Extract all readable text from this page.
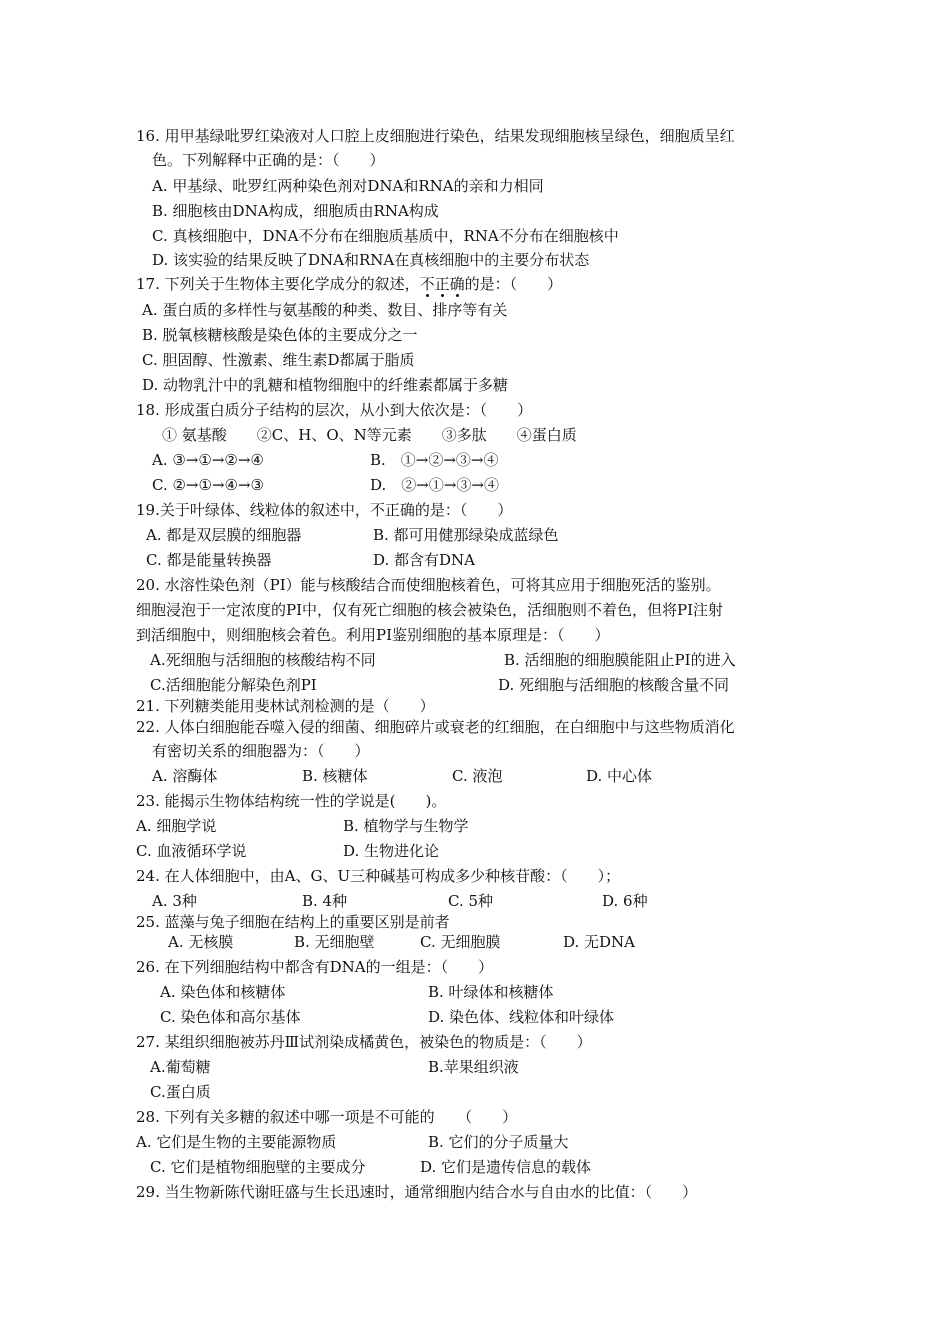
16. 用甲基绿吡罗红染液对人口腔上皮细胞进行染色，结果发现细胞核呈绿色，细胞质呈红
色。下列解释中正确的是：（　　）
A. 甲基绿、吡罗红两种染色剂对DNA和RNA的亲和力相同
B. 细胞核由DNA构成，细胞质由RNA构成
C. 真核细胞中，DNA不分布在细胞质基质中，RNA不分布在细胞核中
D. 该实验的结果反映了DNA和RNA在真核细胞中的主要分布状态
17. 下列关于生物体主要化学成分的叙述，不正确的是：（　　）
A. 蛋白质的多样性与氨基酸的种类、数目、排序等有关
B. 脱氧核糖核酸是染色体的主要成分之一
C. 胆固醇、性激素、维生素D都属于脂质
D. 动物乳汁中的乳糖和植物细胞中的纤维素都属于多糖
18. 形成蛋白质分子结构的层次，从小到大依次是：（　　）
① 氨基酸　　②C、H、O、N等元素　　③多肽　　④蛋白质
A. ③→①→②→④	B.　①→②→③→④
C. ②→①→④→③	D.　②→①→③→④
19.关于叶绿体、线粒体的叙述中，不正确的是：（　　）
A. 都是双层膜的细胞器	B. 都可用健那绿染成蓝绿色
C. 都是能量转换器	D. 都含有DNA
20. 水溶性染色剂（PI）能与核酸结合而使细胞核着色，可将其应用于细胞死活的鉴别。
细胞浸泡于一定浓度的PI中，仅有死亡细胞的核会被染色，活细胞则不着色，但将PI注射
到活细胞中，则细胞核会着色。利用PI鉴别细胞的基本原理是：（　　）
A.死细胞与活细胞的核酸结构不同	B. 活细胞的细胞膜能阻止PI的进入
C.活细胞能分解染色剂PI	D. 死细胞与活细胞的核酸含量不同
21. 下列糖类能用斐林试剂检测的是（　　）
22. 人体白细胞能吞噬入侵的细菌、细胞碎片或衰老的红细胞，在白细胞中与这些物质消化
有密切关系的细胞器为：（　　）
A. 溶酶体	B. 核糖体	C. 液泡	D. 中心体
23. 能揭示生物体结构统一性的学说是(　　)。
A. 细胞学说	B. 植物学与生物学
C. 血液循环学说	D. 生物进化论
24. 在人体细胞中，由A、G、U三种碱基可构成多少种核苷酸：（　　）；
A. 3种	B. 4种	C. 5种	D. 6种
25. 蓝藻与兔子细胞在结构上的重要区别是前者
A. 无核膜	B. 无细胞壁	C. 无细胞膜	D. 无DNA
26. 在下列细胞结构中都含有DNA的一组是：（　　）
A. 染色体和核糖体	B. 叶绿体和核糖体
C. 染色体和高尔基体	D. 染色体、线粒体和叶绿体
27. 某组织细胞被苏丹Ⅲ试剂染成橘黄色，被染色的物质是：（　　）
A.葡萄糖	B.苹果组织液
C.蛋白质
28. 下列有关多糖的叙述中哪一项是不可能的　　（　　）
A. 它们是生物的主要能源物质	B. 它们的分子质量大
C. 它们是植物细胞壁的主要成分	D. 它们是遗传信息的载体
29. 当生物新陈代谢旺盛与生长迅速时，通常细胞内结合水与自由水的比值：（　　）
